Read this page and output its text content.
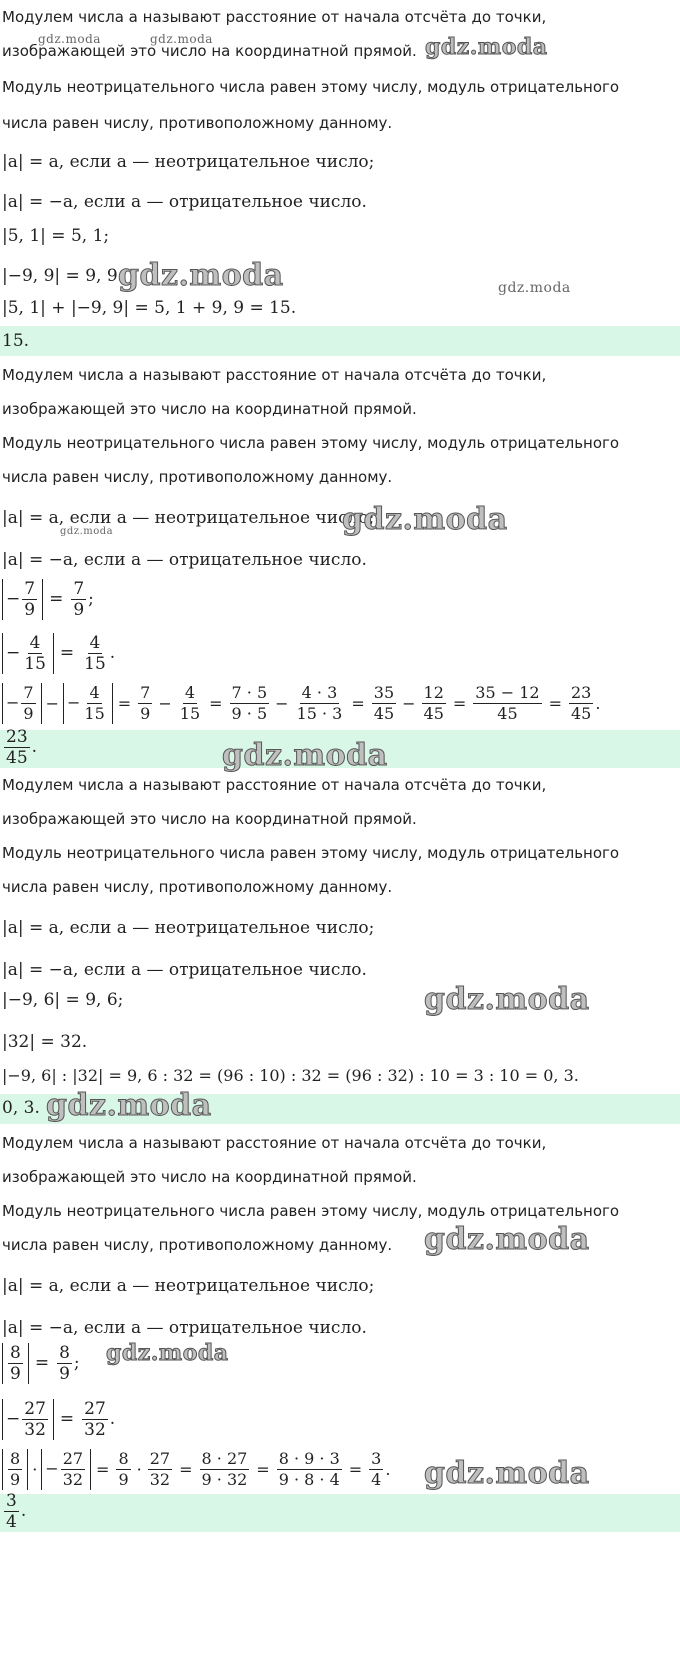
Модулем числа a называют расстояние от начала отсчёта до точки,
изображающей это число на координатной прямой.
gdz.moda	gdz.moda	gdz.moda
Модуль неотрицательного числа равен этому числу, модуль отрицательного
числа равен числу, противоположному данному.
|a| = a, если a — неотрицательное число;
|a| = −a, если a — отрицательное число.
|5, 1| = 5, 1;
|−9, 9| = 9, 9.
gdz.moda	gdz.moda
|5, 1| + |−9, 9| = 5, 1 + 9, 9 = 15.
15.
Модулем числа a называют расстояние от начала отсчёта до точки,
изображающей это число на координатной прямой.
Модуль неотрицательного числа равен этому числу, модуль отрицательного
числа равен числу, противоположному данному.
|a| = a, если a — неотрицательное число;
gdz.moda	gdz.moda
|a| = −a, если a — отрицательное число.
− $\frac{7}{9} = \frac{7}{9}$ ;
− $\frac{4}{15} = \frac{4}{15}$ .
− $\frac{7}{9}$ − − $\frac{4}{15} = \frac{7}{9} - \frac{4}{15} = \frac{7 \cdot 5}{9 \cdot 5} - \frac{4 \cdot 3}{15 \cdot 3} = \frac{35}{45} - \frac{12}{45} = \frac{35 - 12}{45} = \frac{23}{45}$ .
$\frac{23}{45}$ .	gdz.moda
Модулем числа a называют расстояние от начала отсчёта до точки,
изображающей это число на координатной прямой.
Модуль неотрицательного числа равен этому числу, модуль отрицательного
числа равен числу, противоположному данному.
|a| = a, если a — неотрицательное число;
|a| = −a, если a — отрицательное число.
|−9, 6| = 9, 6;	gdz.moda
|32| = 32.
|−9, 6| : |32| = 9, 6 : 32 = (96 : 10) : 32 = (96 : 32) : 10 = 3 : 10 = 0, 3.
0, 3. gdz.moda
Модулем числа a называют расстояние от начала отсчёта до точки,
изображающей это число на координатной прямой.
Модуль неотрицательного числа равен этому числу, модуль отрицательного
числа равен числу, противоположному данному. gdz.moda
|a| = a, если a — неотрицательное число;
|a| = −a, если a — отрицательное число.
$\frac{8}{9} = \frac{8}{9}$ ; gdz.moda
− $\frac{27}{32} = \frac{27}{32}$ .
$\frac{8}{9}$ · − $\frac{27}{32} = \frac{8}{9} \cdot \frac{27}{32} = \frac{8 \cdot 27}{9 \cdot 32} = \frac{8 \cdot 9 \cdot 3}{9 \cdot 8 \cdot 4} = \frac{3}{4}$ . gdz.moda
$\frac{3}{4}$ .
